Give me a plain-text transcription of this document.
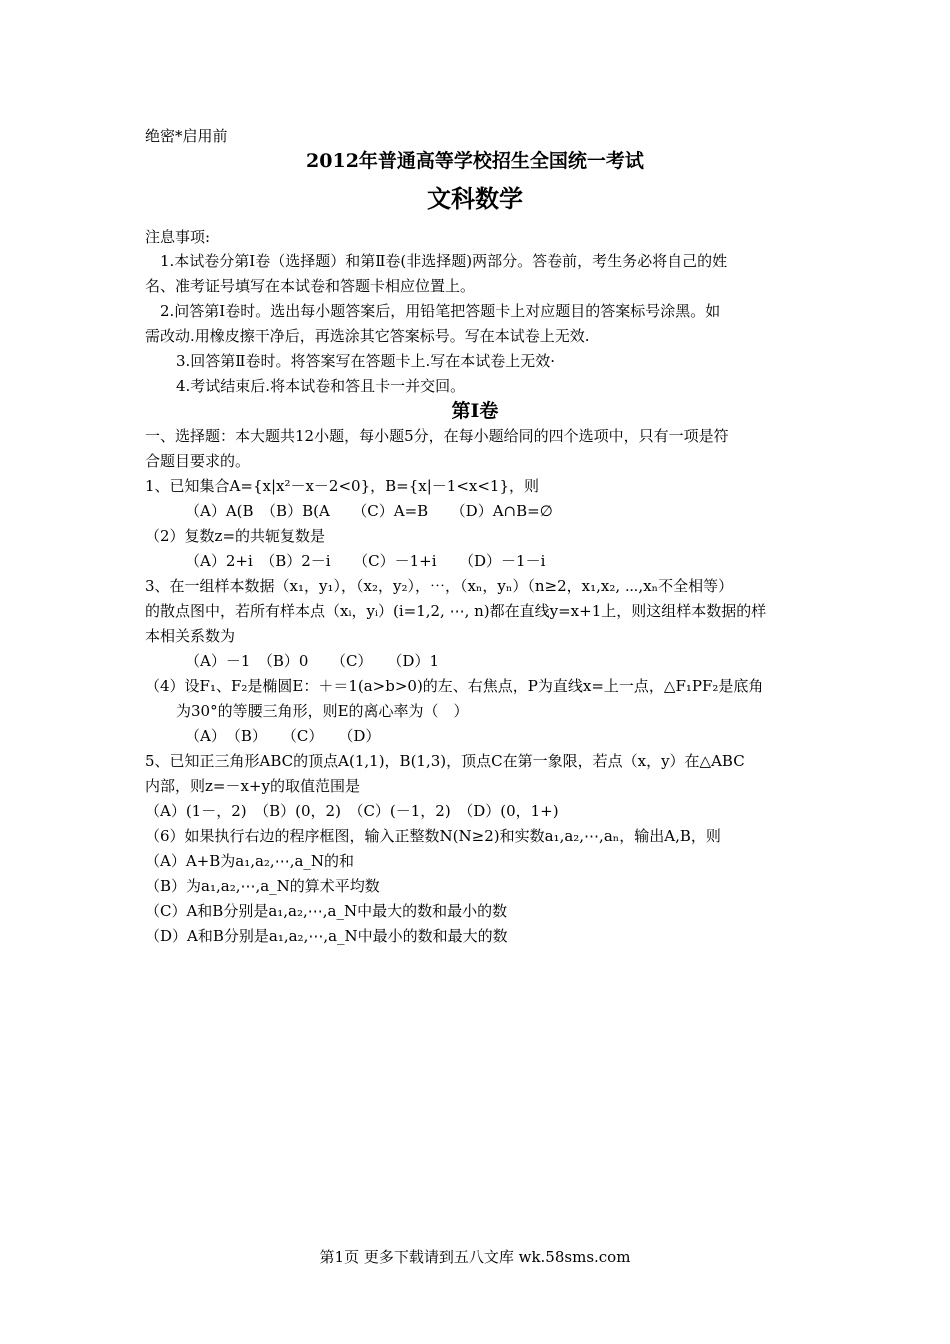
绝密*启用前
2012年普通高等学校招生全国统一考试
文科数学
注息事项:
1.本试卷分第Ⅰ卷（选择题）和第Ⅱ卷(非选择题)两部分。答卷前，考生务必将自己的姓
名、准考证号填写在本试卷和答题卡相应位置上。
2.问答第Ⅰ卷时。选出每小题答案后，用铅笔把答题卡上对应题目的答案标号涂黑。如
需改动.用橡皮擦干净后，再选涂其它答案标号。写在本试卷上无效.
3.回答第Ⅱ卷时。将答案写在答题卡上.写在本试卷上无效·
4.考试结束后.将本试卷和答且卡一并交回。
第Ⅰ卷
一、选择题：本大题共12小题，每小题5分，在每小题给同的四个选项中，只有一项是符
合题目要求的。
1、已知集合A={x|x²－x－2<0}，B={x|－1<x<1}，则
（A）A(B　（B）B(A　　（C）A=B　　（D）A∩B=∅
（2）复数z=的共轭复数是
（A）2+i　（B）2－i　　（C）－1+i　　（D）－1－i
3、在一组样本数据（x₁，y₁），（x₂，y₂），⋯，（xₙ，yₙ）（n≥2，x₁,x₂, ⋯,xₙ不全相等）
的散点图中，若所有样本点（xᵢ，yᵢ）(i=1,2, ⋯, n)都在直线y=x+1上，则这组样本数据的样
本相关系数为
（A）－1　（B）0　　（C）　　（D）1
（4）设F₁、F₂是椭圆E：＋＝1(a>b>0)的左、右焦点，P为直线x=上一点，△F₁PF₂是底角
为30°的等腰三角形，则E的离心率为（　）
（A）　（B）　　（C）　　（D）
5、已知正三角形ABC的顶点A(1,1)，B(1,3)，顶点C在第一象限，若点（x，y）在△ABC
内部，则z=－x+y的取值范围是
（A）(1－，2)　（B）(0，2)　（C）(－1，2)　（D）(0，1+)
（6）如果执行右边的程序框图，输入正整数N(N≥2)和实数a₁,a₂,⋯,aₙ，输出A,B，则
（A）A+B为a₁,a₂,⋯,a_N的和
（B）为a₁,a₂,⋯,a_N的算术平均数
（C）A和B分别是a₁,a₂,⋯,a_N中最大的数和最小的数
（D）A和B分别是a₁,a₂,⋯,a_N中最小的数和最大的数
第1页 更多下载请到五八文库 wk.58sms.com
